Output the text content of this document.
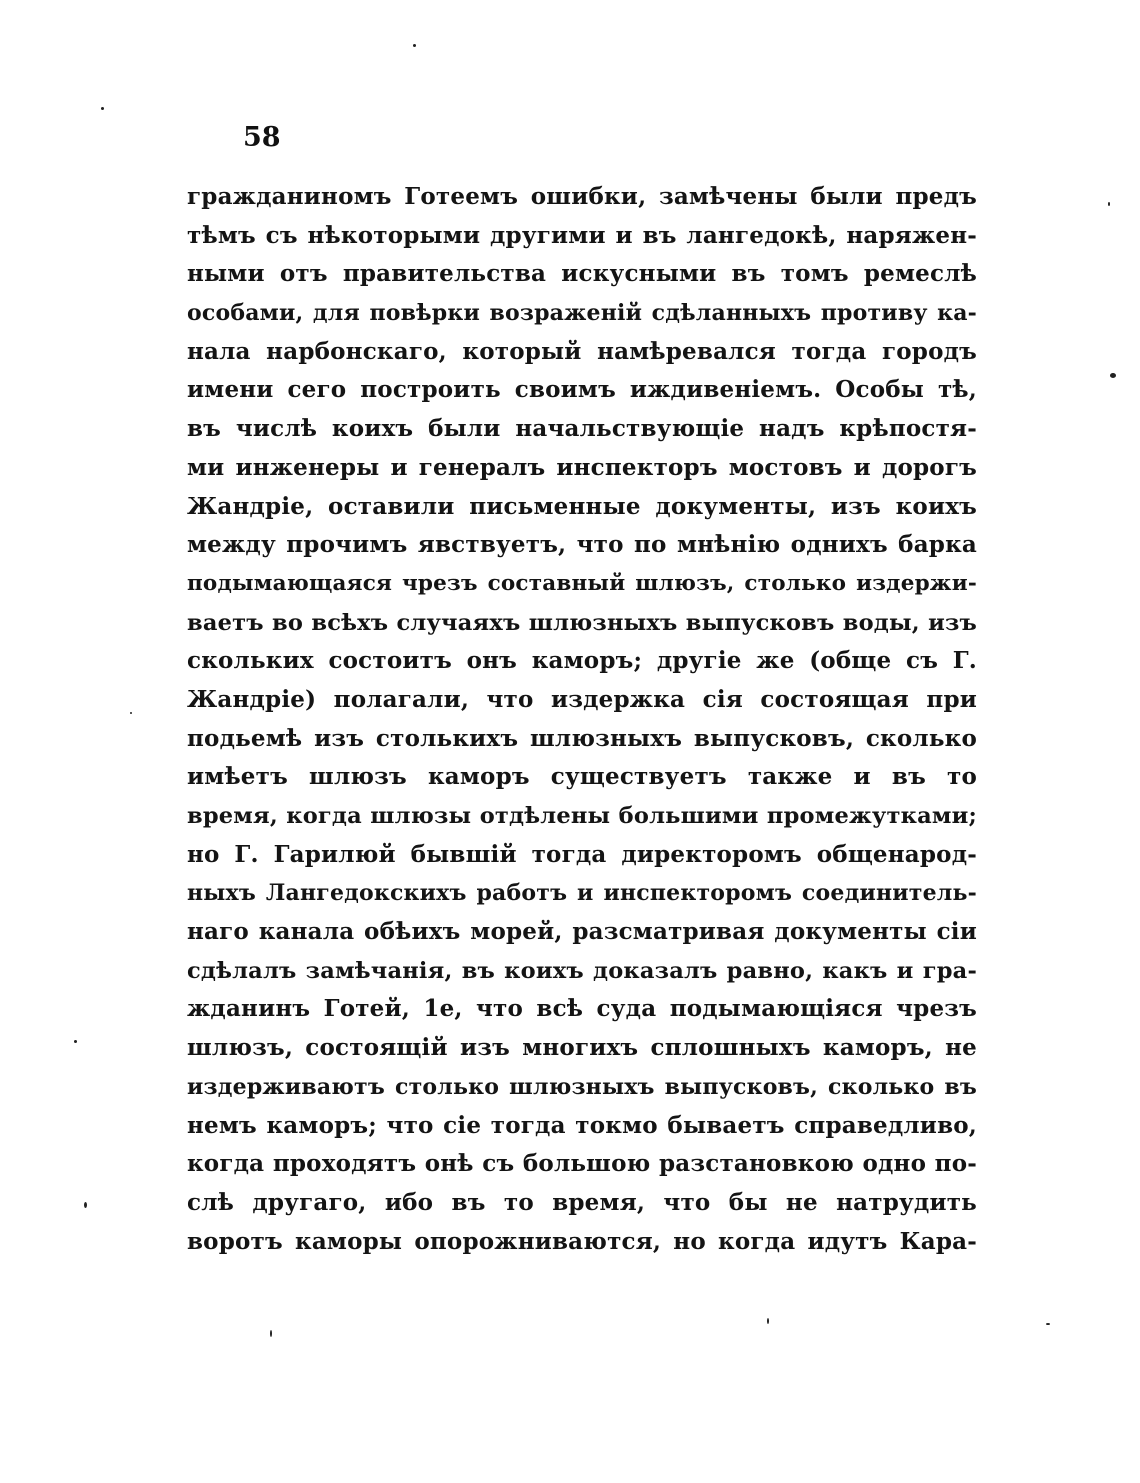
58
гражданиномъ Готеемъ ошибки, замѣчены были предъ
тѣмъ съ нѣкоторыми другими и въ лангедокѣ, наряжен-
ными отъ правительства искусными въ томъ ремеслѣ
особами, для повѣрки возраженій сдѣланныхъ противу ка-
нала нарбонскаго, который намѣревался тогда городъ
имени сего построить своимъ иждивеніемъ. Особы тѣ,
въ числѣ коихъ были начальствующіе надъ крѣпостя-
ми инженеры и генералъ инспекторъ мостовъ и дорогъ
Жандріе, оставили письменные документы, изъ коихъ
между прочимъ явствуетъ, что по мнѣнію однихъ барка
подымающаяся чрезъ составный шлюзъ, столько издержи-
ваетъ во всѣхъ случаяхъ шлюзныхъ выпусковъ воды, изъ
скольких состоитъ онъ каморъ; другіе же (обще съ Г.
Жандріе) полагали, что издержка сія состоящая при
подьемѣ изъ столькихъ шлюзныхъ выпусковъ, сколько
имѣетъ шлюзъ каморъ существуетъ также и въ то
время, когда шлюзы отдѣлены большими промежутками;
но Г. Гарилюй бывшій тогда директоромъ общенарод-
ныхъ Лангедокскихъ работъ и инспекторомъ соединитель-
наго канала обѣихъ морей, разсматривая документы сіи
сдѣлалъ замѣчанія, въ коихъ доказалъ равно, какъ и гра-
жданинъ Готей, 1е, что всѣ суда подымающіяся чрезъ
шлюзъ, состоящій изъ многихъ сплошныхъ каморъ, не
издерживаютъ столько шлюзныхъ выпусковъ, сколько въ
немъ каморъ; что сіе тогда токмо бываетъ справедливо,
когда проходятъ онѣ съ большою разстановкою одно по-
слѣ другаго, ибо въ то время, что бы не натрудить
воротъ каморы опорожниваются, но когда идутъ Кара-
